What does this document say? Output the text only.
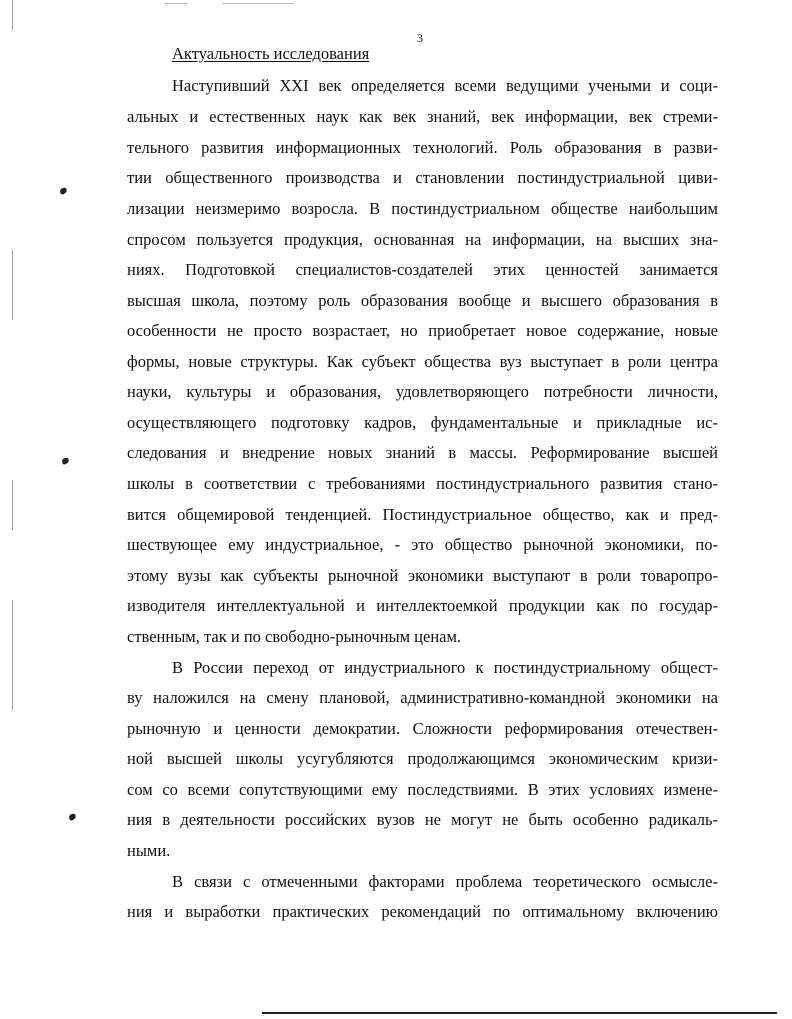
3
Актуальность исследования
Наступивший XXI век определяется всеми ведущими учеными и соци-
альных и естественных наук как век знаний, век информации, век стреми-
тельного развития информационных технологий. Роль образования в разви-
тии общественного производства и становлении постиндустриальной циви-
лизации неизмеримо возросла. В постиндустриальном обществе наибольшим
спросом пользуется продукция, основанная на информации, на высших зна-
ниях. Подготовкой специалистов-создателей этих ценностей занимается
высшая школа, поэтому роль образования вообще и высшего образования в
особенности не просто возрастает, но приобретает новое содержание, новые
формы, новые структуры. Как субъект общества вуз выступает в роли центра
науки, культуры и образования, удовлетворяющего потребности личности,
осуществляющего подготовку кадров, фундаментальные и прикладные ис-
следования и внедрение новых знаний в массы. Реформирование высшей
школы в соответствии с требованиями постиндустриального развития стано-
вится общемировой тенденцией. Постиндустриальное общество, как и пред-
шествующее ему индустриальное, - это общество рыночной экономики, по-
этому вузы как субъекты рыночной экономики выступают в роли товаропро-
изводителя интеллектуальной и интеллектоемкой продукции как по государ-
ственным, так и по свободно-рыночным ценам.
В России переход от индустриального к постиндустриальному общест-
ву наложился на смену плановой, административно-командной экономики на
рыночную и ценности демократии. Сложности реформирования отечествен-
ной высшей школы усугубляются продолжающимся экономическим кризи-
сом со всеми сопутствующими ему последствиями. В этих условиях измене-
ния в деятельности российских вузов не могут не быть особенно радикаль-
ными.
В связи с отмеченными факторами проблема теоретического осмысле-
ния и выработки практических рекомендаций по оптимальному включению
